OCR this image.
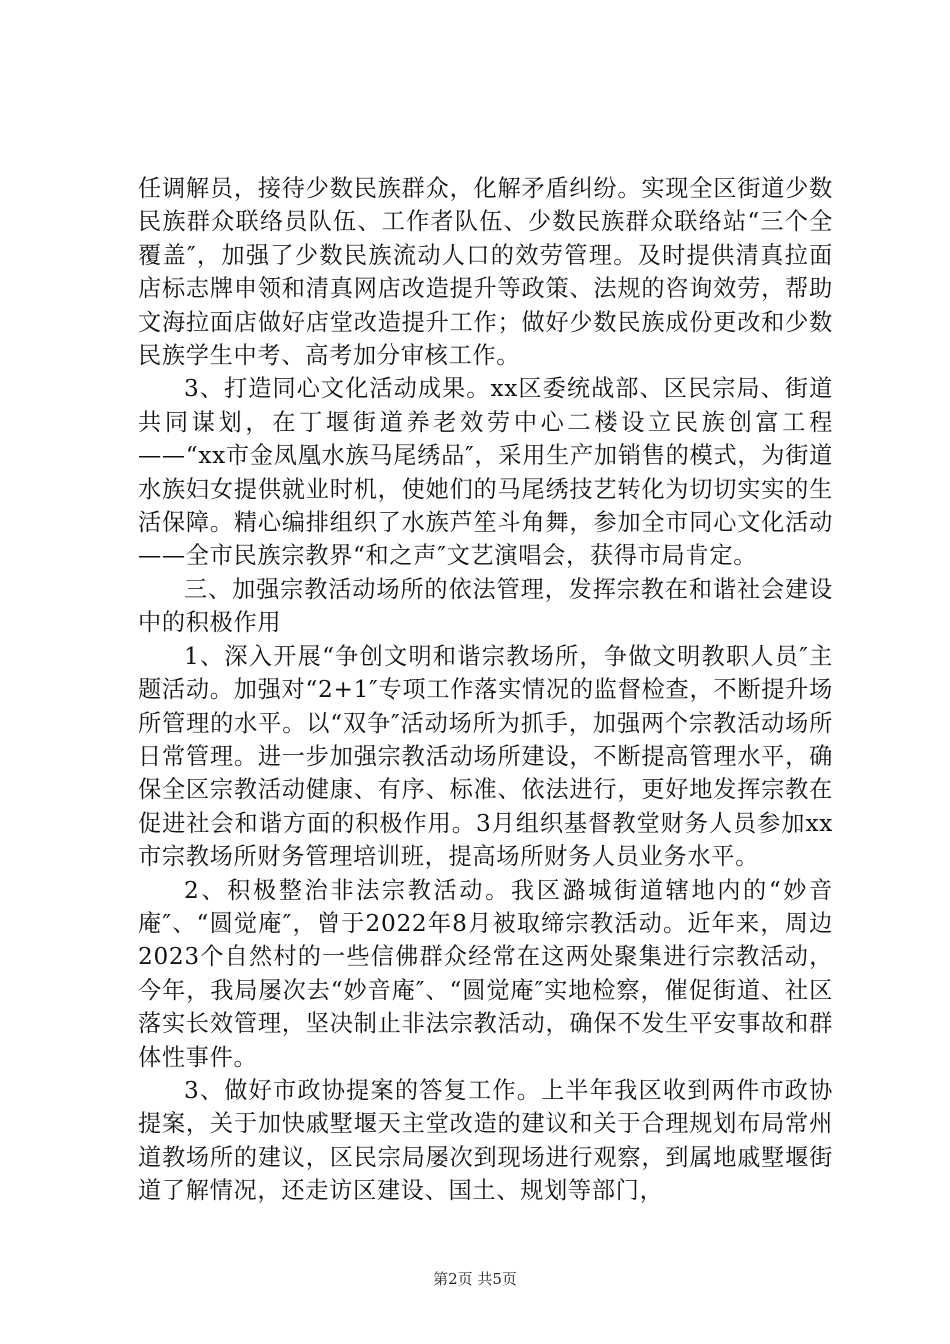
任调解员，接待少数民族群众，化解矛盾纠纷。实现全区街道少数民族群众联络员队伍、工作者队伍、少数民族群众联络站“三个全覆盖″，加强了少数民族流动人口的效劳管理。及时提供清真拉面店标志牌申领和清真网店改造提升等政策、法规的咨询效劳，帮助文海拉面店做好店堂改造提升工作；做好少数民族成份更改和少数民族学生中考、高考加分审核工作。

3、打造同心文化活动成果。xx区委统战部、区民宗局、街道共同谋划，在丁堰街道养老效劳中心二楼设立民族创富工程——“xx市金凤凰水族马尾绣品″，采用生产加销售的模式，为街道水族妇女提供就业时机，使她们的马尾绣技艺转化为切切实实的生活保障。精心编排组织了水族芦笙斗角舞，参加全市同心文化活动——全市民族宗教界“和之声″文艺演唱会，获得市局肯定。

三、加强宗教活动场所的依法管理，发挥宗教在和谐社会建设中的积极作用

1、深入开展“争创文明和谐宗教场所，争做文明教职人员″主题活动。加强对“2+1″专项工作落实情况的监督检查，不断提升场所管理的水平。以“双争″活动场所为抓手，加强两个宗教活动场所日常管理。进一步加强宗教活动场所建设，不断提高管理水平，确保全区宗教活动健康、有序、标准、依法进行，更好地发挥宗教在促进社会和谐方面的积极作用。3月组织基督教堂财务人员参加xx市宗教场所财务管理培训班，提高场所财务人员业务水平。

2、积极整治非法宗教活动。我区潞城街道辖地内的“妙音庵″、“圆觉庵″，曾于2022年8月被取缔宗教活动。近年来，周边2023个自然村的一些信佛群众经常在这两处聚集进行宗教活动，今年，我局屡次去“妙音庵″、“圆觉庵″实地检察，催促街道、社区落实长效管理，坚决制止非法宗教活动，确保不发生平安事故和群体性事件。

3、做好市政协提案的答复工作。上半年我区收到两件市政协提案，关于加快戚墅堰天主堂改造的建议和关于合理规划布局常州道教场所的建议，区民宗局屡次到现场进行观察，到属地戚墅堰街道了解情况，还走访区建设、国土、规划等部门，

第2页 共5页
